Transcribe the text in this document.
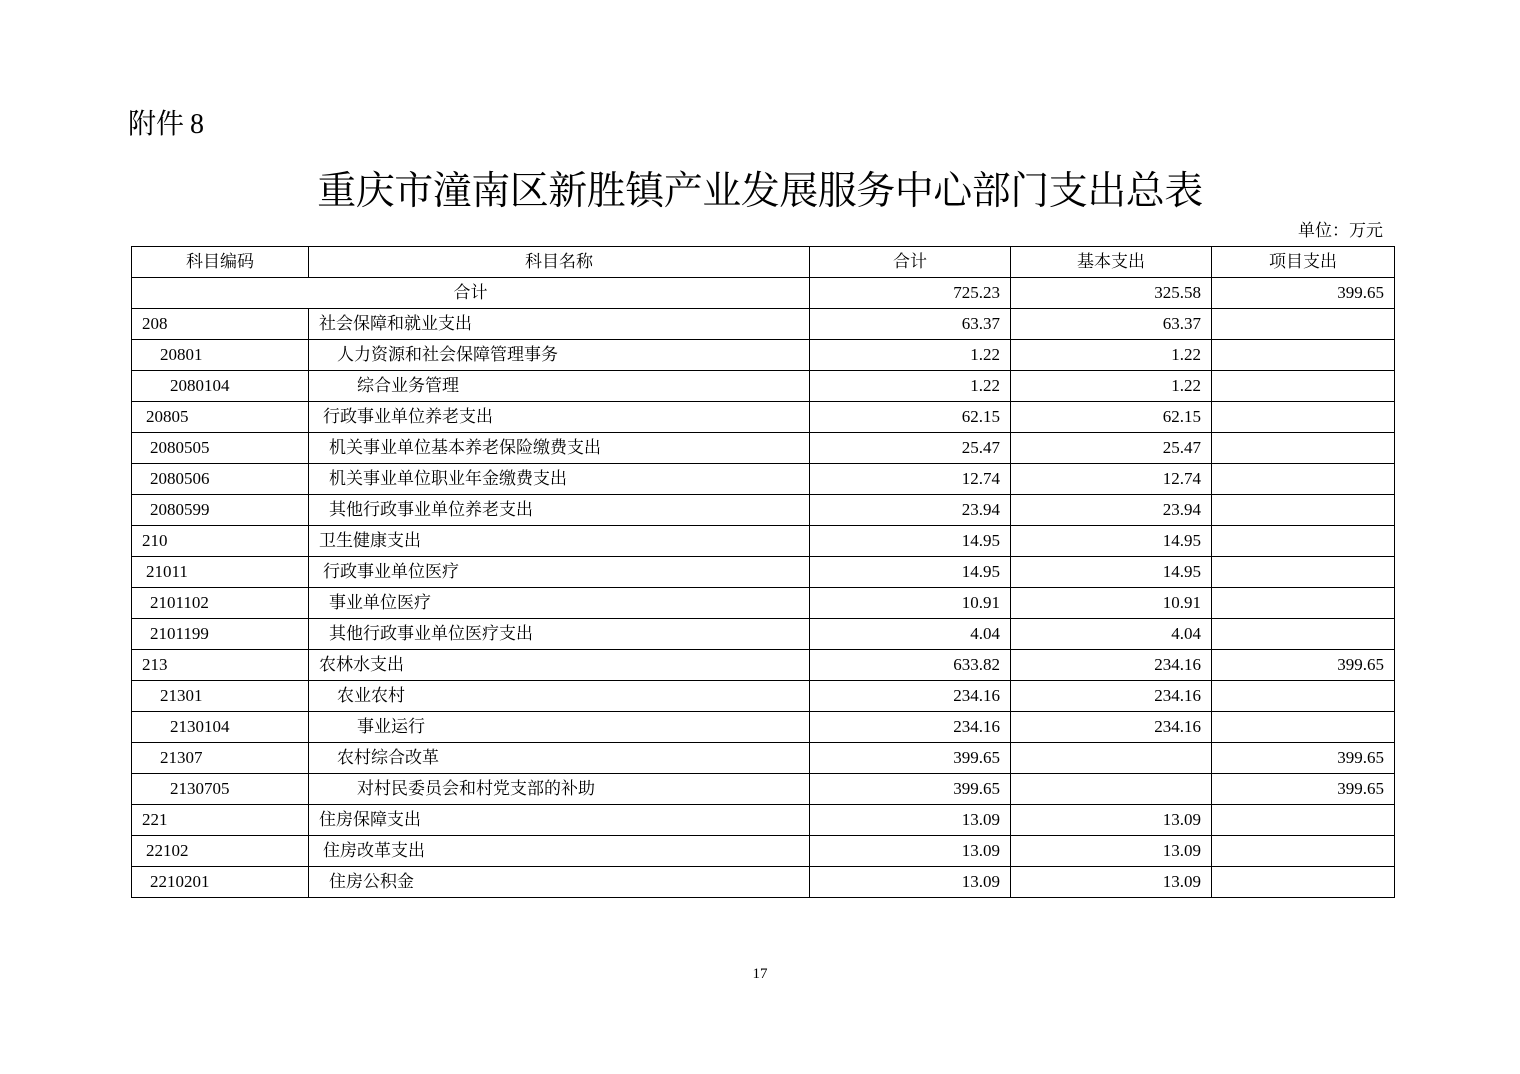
附件 8
重庆市潼南区新胜镇产业发展服务中心部门支出总表
单位：万元
科目编码	科目名称	合计	基本支出	项目支出
合计		725.23	325.58	399.65
208	社会保障和就业支出	63.37	63.37	
20801	人力资源和社会保障管理事务	1.22	1.22	
2080104	综合业务管理	1.22	1.22	
20805	行政事业单位养老支出	62.15	62.15	
2080505	机关事业单位基本养老保险缴费支出	25.47	25.47	
2080506	机关事业单位职业年金缴费支出	12.74	12.74	
2080599	其他行政事业单位养老支出	23.94	23.94	
210	卫生健康支出	14.95	14.95	
21011	行政事业单位医疗	14.95	14.95	
2101102	事业单位医疗	10.91	10.91	
2101199	其他行政事业单位医疗支出	4.04	4.04	
213	农林水支出	633.82	234.16	399.65
21301	农业农村	234.16	234.16	
2130104	事业运行	234.16	234.16	
21307	农村综合改革	399.65		399.65
2130705	对村民委员会和村党支部的补助	399.65		399.65
221	住房保障支出	13.09	13.09	
22102	住房改革支出	13.09	13.09	
2210201	住房公积金	13.09	13.09	
17
